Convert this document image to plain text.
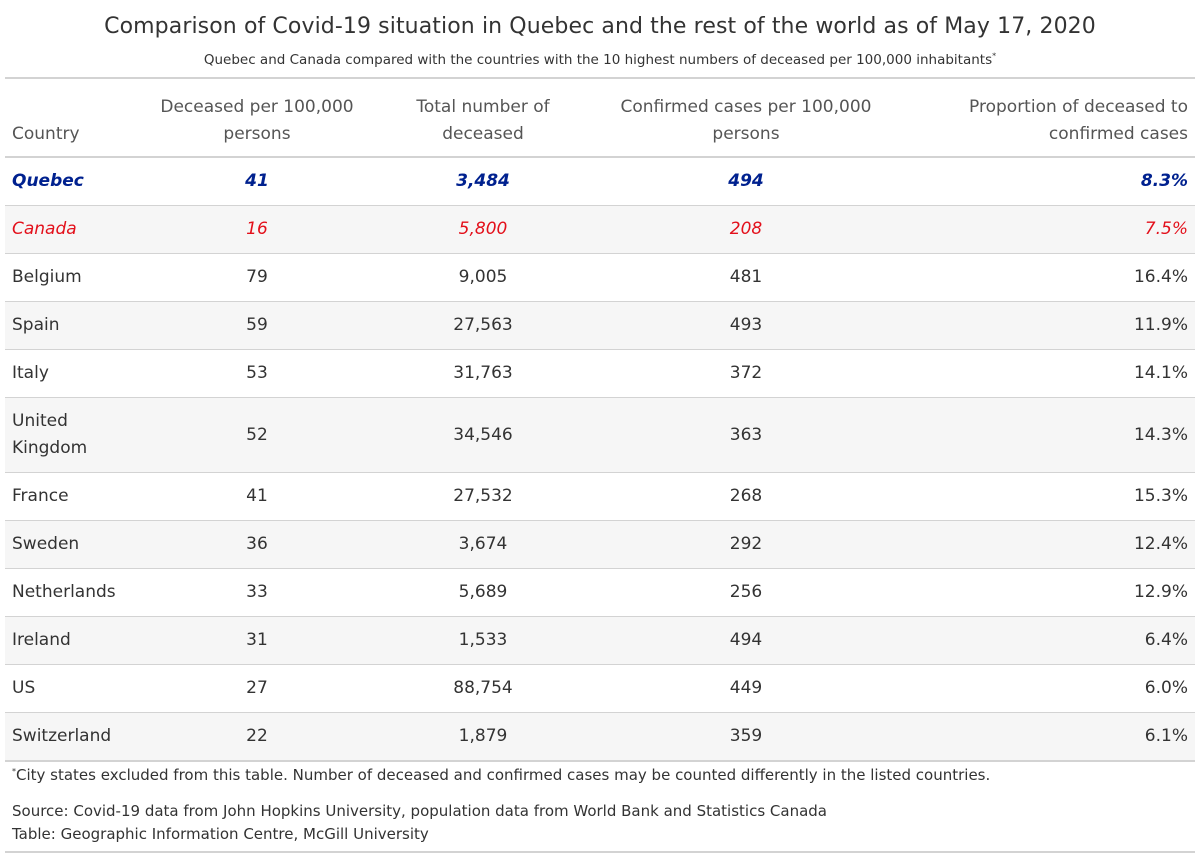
Comparison of Covid-19 situation in Quebec and the rest of the world as of May 17, 2020
Quebec and Canada compared with the countries with the 10 highest numbers of deceased per 100,000 inhabitants*
Country	Deceased per 100,000 persons	Total number of deceased	Confirmed cases per 100,000 persons	Proportion of deceased to confirmed cases
Quebec	41	3,484	494	8.3%
Canada	16	5,800	208	7.5%
Belgium	79	9,005	481	16.4%
Spain	59	27,563	493	11.9%
Italy	53	31,763	372	14.1%
United Kingdom	52	34,546	363	14.3%
France	41	27,532	268	15.3%
Sweden	36	3,674	292	12.4%
Netherlands	33	5,689	256	12.9%
Ireland	31	1,533	494	6.4%
US	27	88,754	449	6.0%
Switzerland	22	1,879	359	6.1%
*City states excluded from this table. Number of deceased and confirmed cases may be counted differently in the listed countries.
Source: Covid-19 data from John Hopkins University, population data from World Bank and Statistics Canada
Table: Geographic Information Centre, McGill University
